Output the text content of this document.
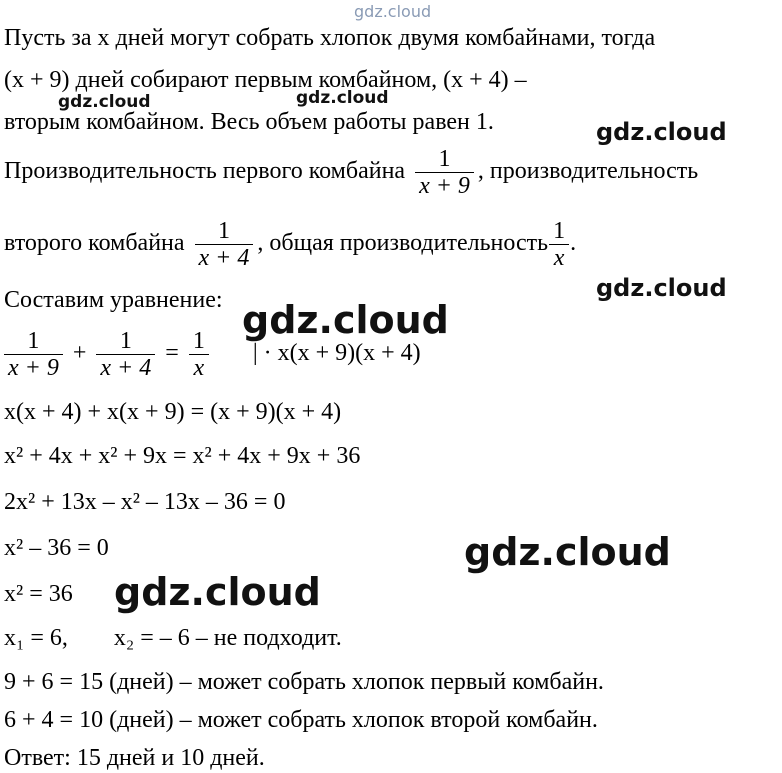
gdz.cloud
Пусть за x дней могут собрать хлопок двумя комбайнами, тогда
(x + 9) дней собирают первым комбайном, (x + 4) –
gdz.cloud	gdz.cloud
вторым комбайном. Весь объем работы равен 1.	gdz.cloud
Производительность первого комбайна $\frac{1}{x + 9}$ , производительность
второго комбайна $\frac{1}{x + 4}$ , общая производительность $\frac{1}{x}$ .
gdz.cloud
Составим уравнение: gdz.cloud
$\frac{1}{x + 9} + \frac{1}{x + 4} = \frac{1}{x}$ | · x(x + 9)(x + 4)
x(x + 4) + x(x + 9) = (x + 9)(x + 4)
x² + 4x + x² + 9x = x² + 4x + 9x + 36
2x² + 13x – x² – 13x – 36 = 0
gdz.cloud
x² – 36 = 0
x² = 36 gdz.cloud
x₁ = 6, x₂ = – 6 – не подходит.
9 + 6 = 15 (дней) – может собрать хлопок первый комбайн.
6 + 4 = 10 (дней) – может собрать хлопок второй комбайн.
Ответ: 15 дней и 10 дней.
